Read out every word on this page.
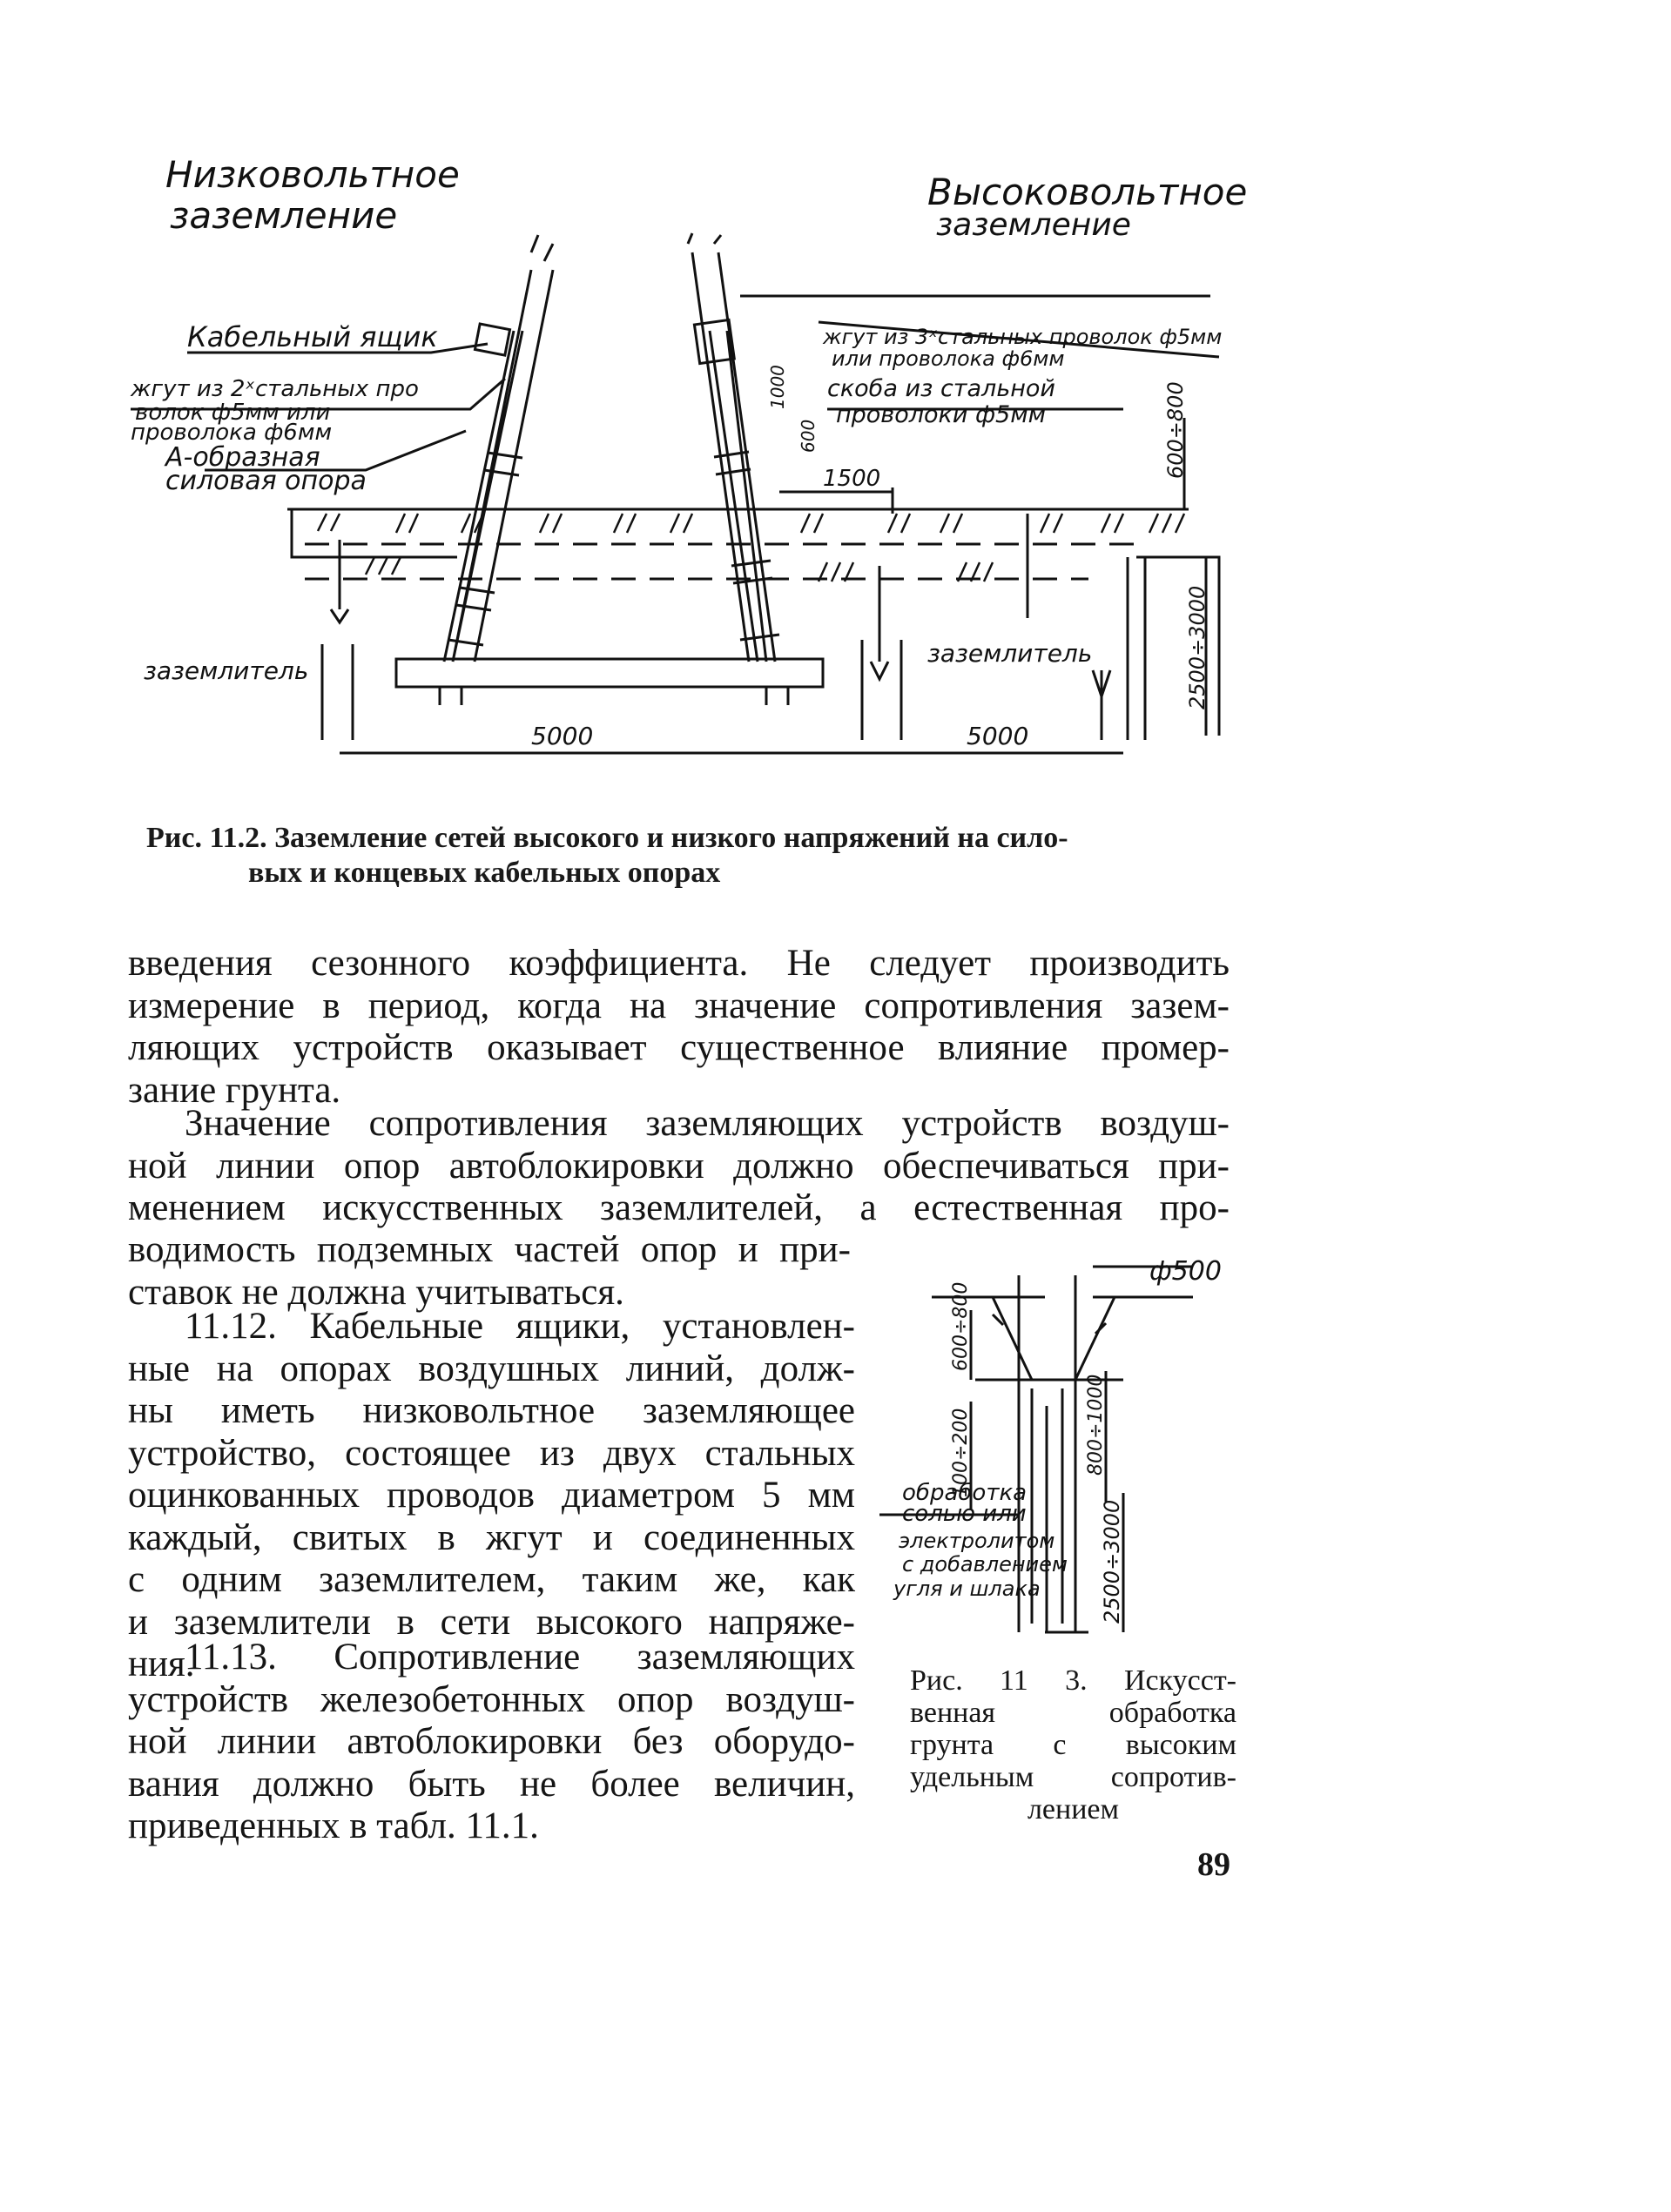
Низковольтное
заземление
Высоковольтное
заземление
Кабельный ящик
жгут из 2ˣстальных про
волок ф5мм или
проволока ф6мм
А-образная
силовая опора
жгут из 3ˣстальных проволок ф5мм
или проволока ф6мм
скоба из стальной
проволоки ф5мм
заземлитель
заземлитель
1500
5000	5000
600÷800
2500÷3000
1000
600
Рис. 11.2. Заземление сетей высокого и низкого напряжений на сило-
вых и концевых кабельных опорах
введения сезонного коэффициента. Не следует производить
измерение в период, когда на значение сопротивления зазем-
ляющих устройств оказывает существенное влияние промер-
зание грунта.
Значение сопротивления заземляющих устройств воздуш-
ной линии опор автоблокировки должно обеспечиваться при-
менением искусственных заземлителей, а естественная про-
водимость подземных частей опор и при-
ставок не должна учитываться.
11.12. Кабельные ящики, установлен-
ные на опорах воздушных линий, долж-
ны иметь низковольтное заземляющее
устройство, состоящее из двух стальных
оцинкованных проводов диаметром 5 мм
каждый, свитых в жгут и соединенных
с одним заземлителем, таким же, как
и заземлители в сети высокого напряже-
ния.
11.13. Сопротивление заземляющих
устройств железобетонных опор воздуш-
ной линии автоблокировки без оборудо-
вания должно быть не более величин,
приведенных в табл. 11.1.
ф500
600÷800
100÷200	800÷1000
2500÷3000
обработка
солью или
электролитом
с добавлением
угля и шлака
Рис. 11 3. Искусст-
венная обработка
грунта с высоким
удельным сопротив-
лением
89
